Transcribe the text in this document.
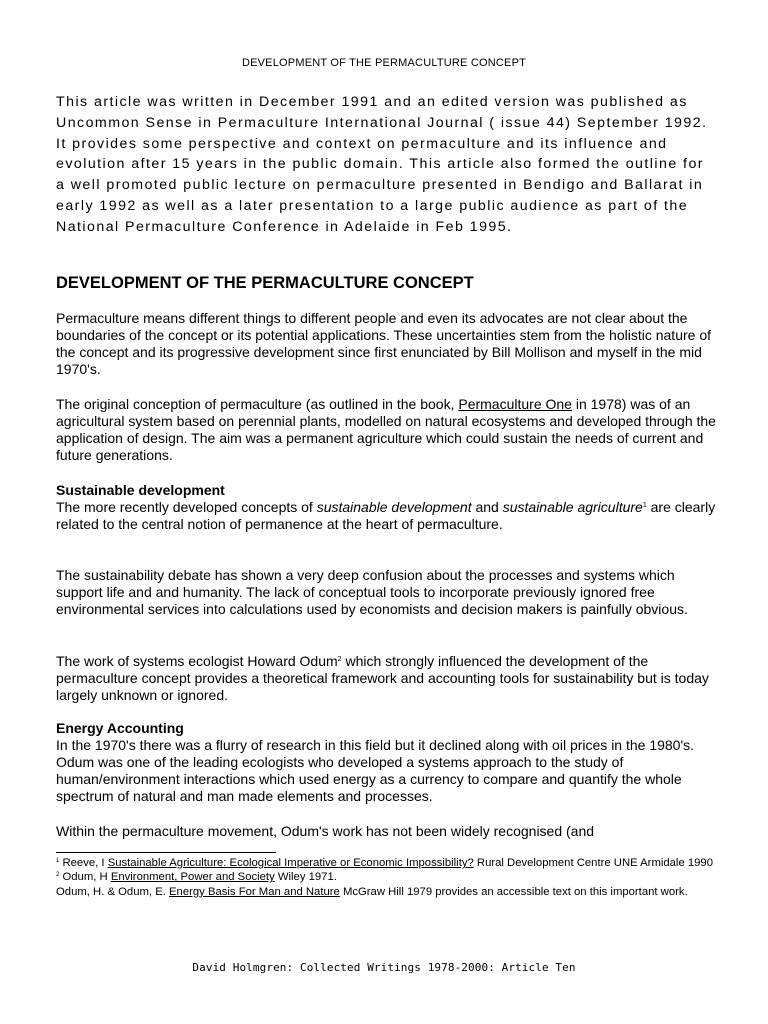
DEVELOPMENT OF THE PERMACULTURE CONCEPT

This article was written in December 1991 and an edited version was published as Uncommon Sense in Permaculture International Journal ( issue 44) September 1992. It provides some perspective and context on permaculture and its influence and evolution after 15 years in the public domain. This article also formed the outline for a well promoted public lecture on permaculture presented in Bendigo and Ballarat in early 1992 as well as a later presentation to a large public audience as part of the National Permaculture Conference in Adelaide in Feb 1995.

DEVELOPMENT OF THE PERMACULTURE CONCEPT

Permaculture means different things to different people and even its advocates are not clear about the boundaries of the concept or its potential applications. These uncertainties stem from the holistic nature of the concept and its progressive development since first enunciated by Bill Mollison and myself in the mid 1970's.

The original conception of permaculture (as outlined in the book, Permaculture One in 1978) was of an agricultural system based on perennial plants, modelled on natural ecosystems and developed through the application of design. The aim was a permanent agriculture which could sustain the needs of current and future generations.

Sustainable development
The more recently developed concepts of sustainable development and sustainable agriculture$^1$ are clearly related to the central notion of permanence at the heart of permaculture.

The sustainability debate has shown a very deep confusion about the processes and systems which support life and and humanity. The lack of conceptual tools to incorporate previously ignored free environmental services into calculations used by economists and decision makers is painfully obvious.

The work of systems ecologist Howard Odum$^2$ which strongly influenced the development of the permaculture concept provides a theoretical framework and accounting tools for sustainability but is today largely unknown or ignored.

Energy Accounting
In the 1970's there was a flurry of research in this field but it declined along with oil prices in the 1980's. Odum was one of the leading ecologists who developed a systems approach to the study of human/environment interactions which used energy as a currency to compare and quantify the whole spectrum of natural and man made elements and processes.

Within the permaculture movement, Odum's work has not been widely recognised (and

$^1$ Reeve, I Sustainable Agriculture: Ecological Imperative or Economic Impossibility? Rural Development Centre UNE Armidale 1990
$^2$ Odum, H Environment, Power and Society Wiley 1971.
Odum, H. & Odum, E. Energy Basis For Man and Nature McGraw Hill 1979 provides an accessible text on this important work.
David Holmgren: Collected Writings 1978-2000: Article Ten
